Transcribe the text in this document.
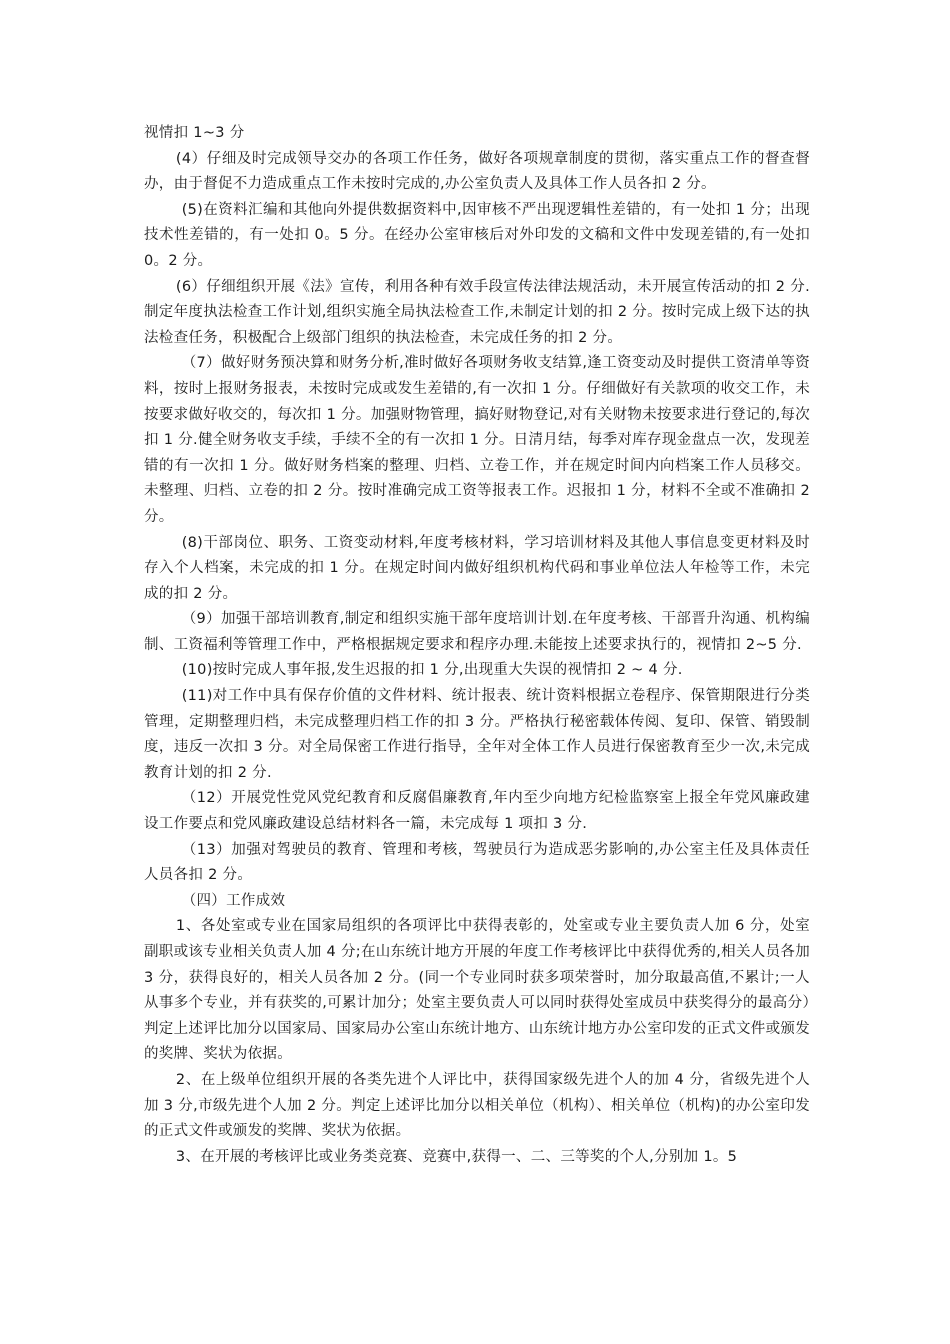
视情扣 1~3 分

(4）仔细及时完成领导交办的各项工作任务，做好各项规章制度的贯彻，落实重点工作的督查督办，由于督促不力造成重点工作未按时完成的,办公室负责人及具体工作人员各扣 2 分。

(5)在资料汇编和其他向外提供数据资料中,因审核不严出现逻辑性差错的，有一处扣 1 分；出现技术性差错的，有一处扣 0。5 分。在经办公室审核后对外印发的文稿和文件中发现差错的,有一处扣 0。2 分。

(6）仔细组织开展《法》宣传，利用各种有效手段宣传法律法规活动，未开展宣传活动的扣 2 分.制定年度执法检查工作计划,组织实施全局执法检查工作,未制定计划的扣 2 分。按时完成上级下达的执法检查任务，积极配合上级部门组织的执法检查，未完成任务的扣 2 分。

（7）做好财务预决算和财务分析,准时做好各项财务收支结算,逢工资变动及时提供工资清单等资料，按时上报财务报表，未按时完成或发生差错的,有一次扣 1 分。仔细做好有关款项的收交工作，未按要求做好收交的，每次扣 1 分。加强财物管理，搞好财物登记,对有关财物未按要求进行登记的,每次扣 1 分.健全财务收支手续，手续不全的有一次扣 1 分。日清月结，每季对库存现金盘点一次，发现差错的有一次扣 1 分。做好财务档案的整理、归档、立卷工作，并在规定时间内向档案工作人员移交。未整理、归档、立卷的扣 2 分。按时准确完成工资等报表工作。迟报扣 1 分，材料不全或不准确扣 2 分。

(8)干部岗位、职务、工资变动材料,年度考核材料，学习培训材料及其他人事信息变更材料及时存入个人档案，未完成的扣 1 分。在规定时间内做好组织机构代码和事业单位法人年检等工作，未完成的扣 2 分。

（9）加强干部培训教育,制定和组织实施干部年度培训计划.在年度考核、干部晋升沟通、机构编制、工资福利等管理工作中，严格根据规定要求和程序办理.未能按上述要求执行的，视情扣 2~5 分.

(10)按时完成人事年报,发生迟报的扣 1 分,出现重大失误的视情扣 2 ~ 4 分.

(11)对工作中具有保存价值的文件材料、统计报表、统计资料根据立卷程序、保管期限进行分类管理，定期整理归档，未完成整理归档工作的扣 3 分。严格执行秘密载体传阅、复印、保管、销毁制度，违反一次扣 3 分。对全局保密工作进行指导，全年对全体工作人员进行保密教育至少一次,未完成教育计划的扣 2 分.

（12）开展党性党风党纪教育和反腐倡廉教育,年内至少向地方纪检监察室上报全年党风廉政建设工作要点和党风廉政建设总结材料各一篇，未完成每 1 项扣 3 分.

（13）加强对驾驶员的教育、管理和考核，驾驶员行为造成恶劣影响的,办公室主任及具体责任人员各扣 2 分。

（四）工作成效

1、各处室或专业在国家局组织的各项评比中获得表彰的，处室或专业主要负责人加 6 分，处室副职或该专业相关负责人加 4 分;在山东统计地方开展的年度工作考核评比中获得优秀的,相关人员各加 3 分，获得良好的，相关人员各加 2 分。(同一个专业同时获多项荣誉时，加分取最高值,不累计;一人从事多个专业，并有获奖的,可累计加分；处室主要负责人可以同时获得处室成员中获奖得分的最高分）判定上述评比加分以国家局、国家局办公室山东统计地方、山东统计地方办公室印发的正式文件或颁发的奖牌、奖状为依据。

2、在上级单位组织开展的各类先进个人评比中，获得国家级先进个人的加 4 分，省级先进个人加 3 分,市级先进个人加 2 分。判定上述评比加分以相关单位（机构）、相关单位（机构)的办公室印发的正式文件或颁发的奖牌、奖状为依据。

3、在开展的考核评比或业务类竞赛、竞赛中,获得一、二、三等奖的个人,分别加 1。5
